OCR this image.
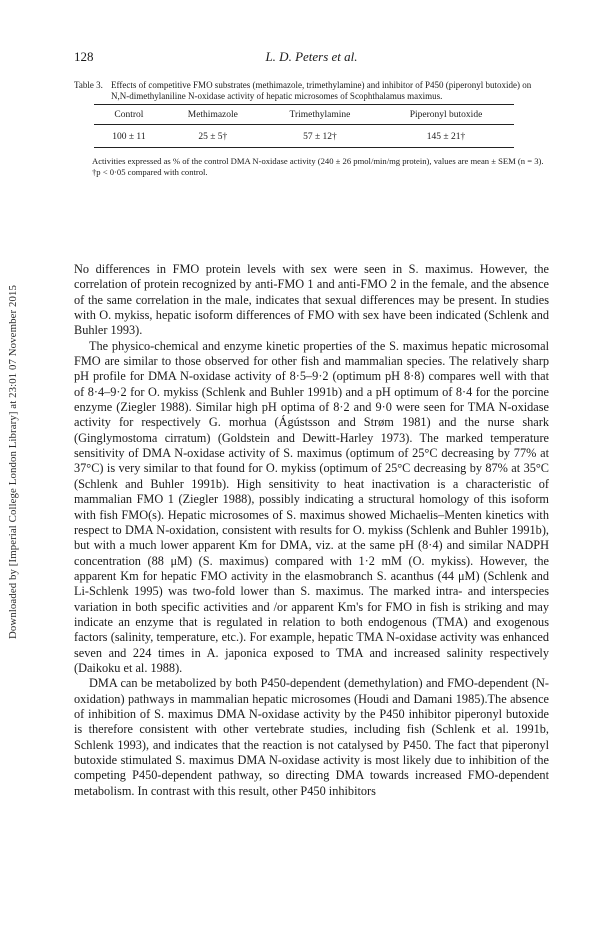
Downloaded by [Imperial College London Library] at 23:01 07 November 2015
128	L. D. Peters et al.

Table 3. Effects of competitive FMO substrates (methimazole, trimethylamine) and inhibitor of P450 (piperonyl butoxide) on N,N-dimethylaniline N-oxidase activity of hepatic microsomes of Scophthalamus maximus.

Control	Methimazole	Trimethylamine	Piperonyl butoxide
100 ± 11	25 ± 5†	57 ± 12†	145 ± 21†

Activities expressed as % of the control DMA N-oxidase activity (240 ± 26 pmol/min/mg protein), values are mean ± SEM (n = 3).

†p < 0·05 compared with control.

No differences in FMO protein levels with sex were seen in S. maximus. However, the correlation of protein recognized by anti-FMO 1 and anti-FMO 2 in the female, and the absence of the same correlation in the male, indicates that sexual differences may be present. In studies with O. mykiss, hepatic isoform differences of FMO with sex have been indicated (Schlenk and Buhler 1993).

The physico-chemical and enzyme kinetic properties of the S. maximus hepatic microsomal FMO are similar to those observed for other fish and mammalian species. The relatively sharp pH profile for DMA N-oxidase activity of 8·5–9·2 (optimum pH 8·8) compares well with that of 8·4–9·2 for O. mykiss (Schlenk and Buhler 1991b) and a pH optimum of 8·4 for the porcine enzyme (Ziegler 1988). Similar high pH optima of 8·2 and 9·0 were seen for TMA N-oxidase activity for respectively G. morhua (Ágústsson and Strøm 1981) and the nurse shark (Ginglymostoma cirratum) (Goldstein and Dewitt-Harley 1973). The marked temperature sensitivity of DMA N-oxidase activity of S. maximus (optimum of 25°C decreasing by 77% at 37°C) is very similar to that found for O. mykiss (optimum of 25°C decreasing by 87% at 35°C (Schlenk and Buhler 1991b). High sensitivity to heat inactivation is a characteristic of mammalian FMO 1 (Ziegler 1988), possibly indicating a structural homology of this isoform with fish FMO(s). Hepatic microsomes of S. maximus showed Michaelis–Menten kinetics with respect to DMA N-oxidation, consistent with results for O. mykiss (Schlenk and Buhler 1991b), but with a much lower apparent Km for DMA, viz. at the same pH (8·4) and similar NADPH concentration (88 μM) (S. maximus) compared with 1·2 mM (O. mykiss). However, the apparent Km for hepatic FMO activity in the elasmobranch S. acanthus (44 μM) (Schlenk and Li-Schlenk 1995) was two-fold lower than S. maximus. The marked intra- and interspecies variation in both specific activities and /or apparent Km's for FMO in fish is striking and may indicate an enzyme that is regulated in relation to both endogenous (TMA) and exogenous factors (salinity, temperature, etc.). For example, hepatic TMA N-oxidase activity was enhanced seven and 224 times in A. japonica exposed to TMA and increased salinity respectively (Daikoku et al. 1988).

DMA can be metabolized by both P450-dependent (demethylation) and FMO-dependent (N-oxidation) pathways in mammalian hepatic microsomes (Houdi and Damani 1985).The absence of inhibition of S. maximus DMA N-oxidase activity by the P450 inhibitor piperonyl butoxide is therefore consistent with other vertebrate studies, including fish (Schlenk et al. 1991b, Schlenk 1993), and indicates that the reaction is not catalysed by P450. The fact that piperonyl butoxide stimulated S. maximus DMA N-oxidase activity is most likely due to inhibition of the competing P450-dependent pathway, so directing DMA towards increased FMO-dependent metabolism. In contrast with this result, other P450 inhibitors
